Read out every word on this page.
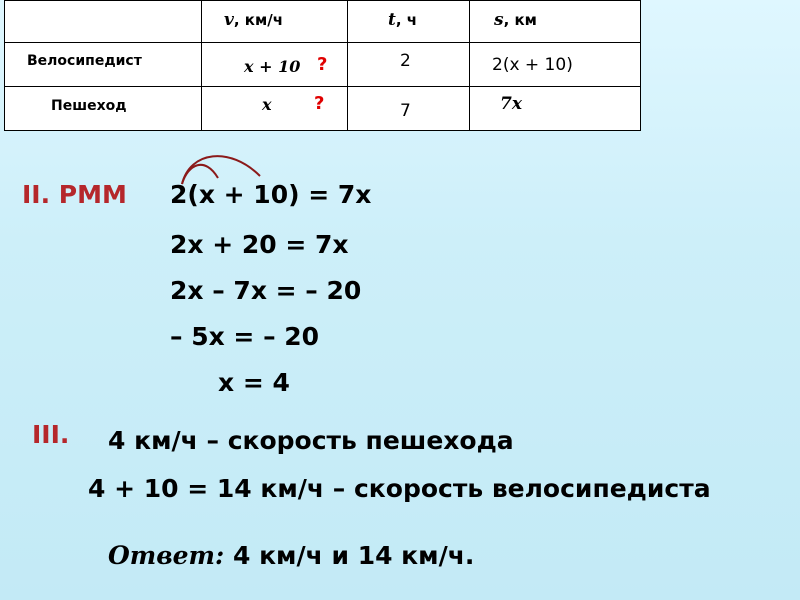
	v, км/ч	t, ч	s, км

Велосипедист	x + 10 ?	2	2(x + 10)

Пешеход	x ?	7	7x
II. РММ 2(x + 10) = 7x
2x + 20 = 7x
2x – 7x = – 20
– 5x = – 20
x = 4
III. 4 км/ч – скорость пешехода
4 + 10 = 14 км/ч – скорость велосипедиста
Ответ: 4 км/ч и 14 км/ч.
